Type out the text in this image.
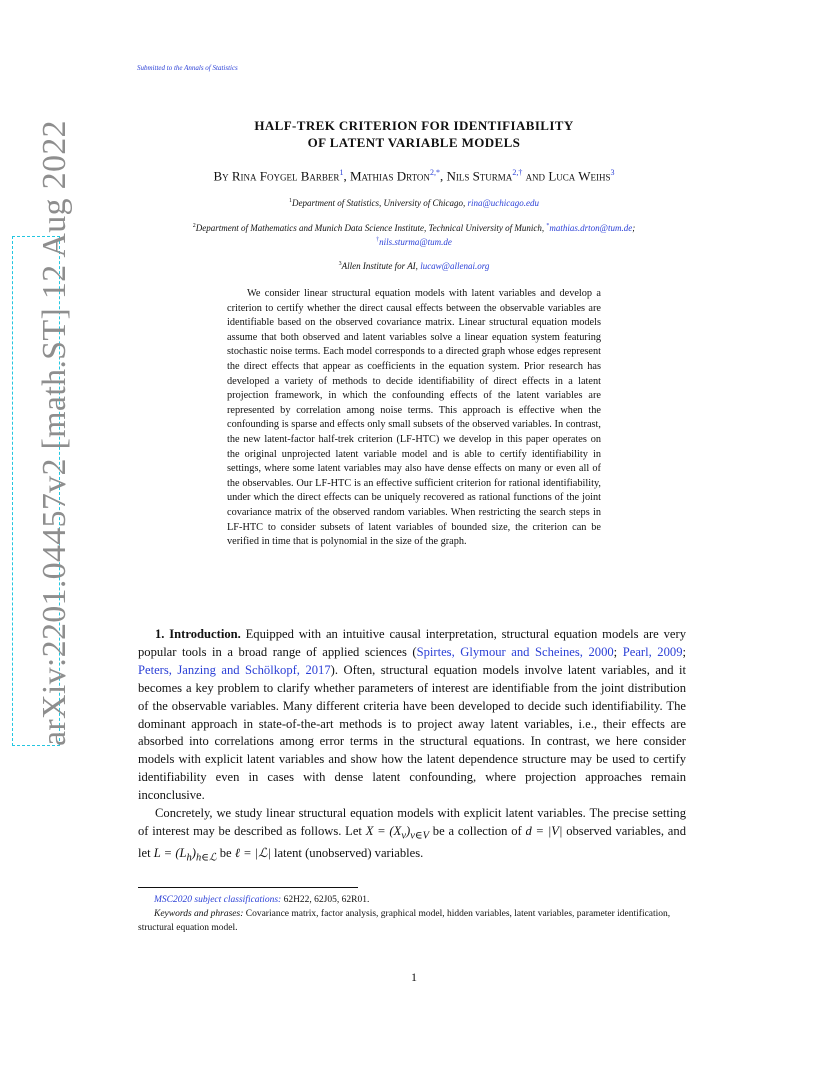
Submitted to the Annals of Statistics
arXiv:2201.04457v2 [math.ST] 12 Aug 2022	HALF-TREK CRITERION FOR IDENTIFIABILITY
OF LATENT VARIABLE MODELS
By Rina Foygel Barber$^1$, Mathias Drton$^{2,*}$, Nils Sturma$^{2,\dagger}$ and Luca Weihs$^3$
$^1$Department of Statistics, University of Chicago, rina@uchicago.edu
$^2$Department of Mathematics and Munich Data Science Institute, Technical University of Munich, *mathias.drton@tum.de;
†nils.sturma@tum.de
$^3$Allen Institute for AI, lucaw@allenai.org
We consider linear structural equation models with latent variables and develop a criterion to certify whether the direct causal effects between the observable variables are identifiable based on the observed covariance matrix. Linear structural equation models assume that both observed and latent variables solve a linear equation system featuring stochastic noise terms. Each model corresponds to a directed graph whose edges represent the direct effects that appear as coefficients in the equation system. Prior research has developed a variety of methods to decide identifiability of direct effects in a latent projection framework, in which the confounding effects of the latent variables are represented by correlation among noise terms. This approach is effective when the confounding is sparse and effects only small subsets of the observed variables. In contrast, the new latent-factor half-trek criterion (LF-HTC) we develop in this paper operates on the original unprojected latent variable model and is able to certify identifiability in settings, where some latent variables may also have dense effects on many or even all of the observables. Our LF-HTC is an effective sufficient criterion for rational identifiability, under which the direct effects can be uniquely recovered as rational functions of the joint covariance matrix of the observed random variables. When restricting the search steps in LF-HTC to consider subsets of latent variables of bounded size, the criterion can be verified in time that is polynomial in the size of the graph.

1. Introduction. Equipped with an intuitive causal interpretation, structural equation models are very popular tools in a broad range of applied sciences (Spirtes, Glymour and Scheines, 2000; Pearl, 2009; Peters, Janzing and Schölkopf, 2017). Often, structural equation models involve latent variables, and it becomes a key problem to clarify whether parameters of interest are identifiable from the joint distribution of the observable variables. Many different criteria have been developed to decide such identifiability. The dominant approach in state-of-the-art methods is to project away latent variables, i.e., their effects are absorbed into correlations among error terms in the structural equations. In contrast, we here consider models with explicit latent variables and show how the latent dependence structure may be used to certify identifiability even in cases with dense latent confounding, where projection approaches remain inconclusive.

Concretely, we study linear structural equation models with explicit latent variables. The precise setting of interest may be described as follows. Let $X = (X_v)_{v\in V}$ be a collection of d = |V| observed variables, and let $L = (L_h)_{h\in ℒ}$ be ℓ = |ℒ| latent (unobserved) variables.

MSC2020 subject classifications: 62H22, 62J05, 62R01.

Keywords and phrases: Covariance matrix, factor analysis, graphical model, hidden variables, latent variables, parameter identification, structural equation model.

1
